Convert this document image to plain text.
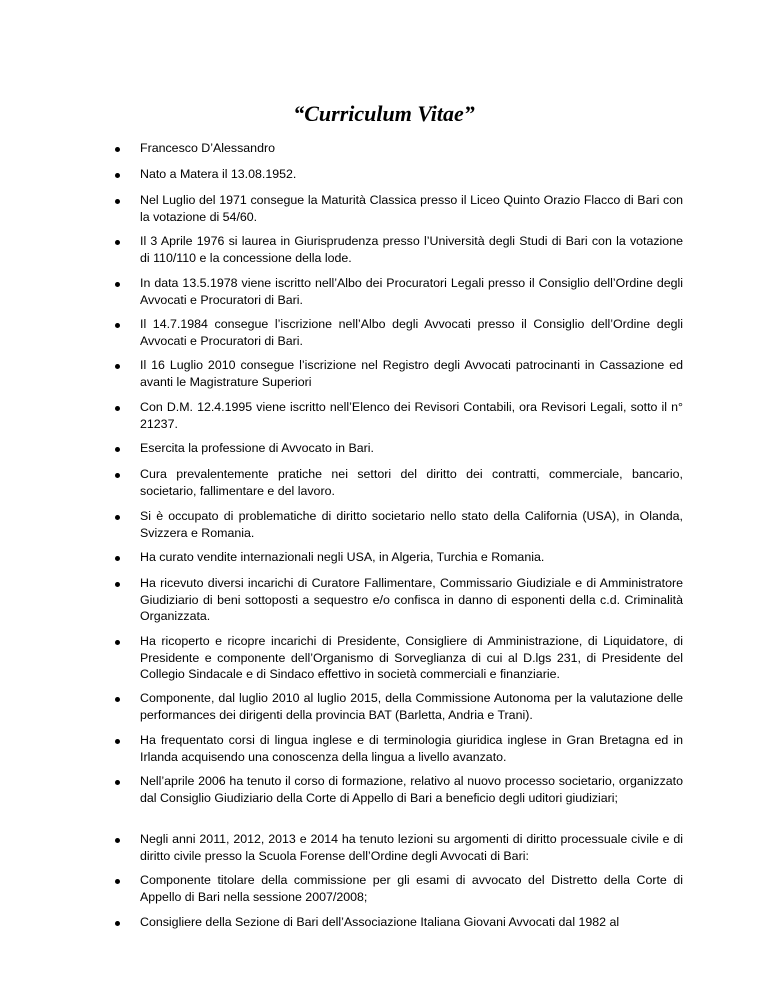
“Curriculum Vitae”
Francesco D’Alessandro
Nato a Matera il 13.08.1952.
Nel Luglio del 1971 consegue la Maturità Classica presso il Liceo Quinto Orazio Flacco di Bari con la votazione di 54/60.
Il 3 Aprile 1976 si laurea in Giurisprudenza presso l’Università degli Studi di Bari con la votazione di 110/110 e la concessione della lode.
In data 13.5.1978 viene iscritto nell’Albo dei Procuratori Legali presso il Consiglio dell’Ordine degli Avvocati e Procuratori di Bari.
Il 14.7.1984 consegue l’iscrizione nell’Albo degli Avvocati presso il Consiglio dell’Ordine degli Avvocati e Procuratori di Bari.
Il 16 Luglio 2010 consegue l’iscrizione nel Registro degli Avvocati patrocinanti in Cassazione ed avanti le Magistrature Superiori
Con D.M. 12.4.1995 viene iscritto nell’Elenco dei Revisori Contabili, ora Revisori Legali, sotto il n° 21237.
Esercita la professione di Avvocato in Bari.
Cura prevalentemente pratiche nei settori del diritto dei contratti, commerciale, bancario, societario, fallimentare e del lavoro.
Si è occupato di problematiche di diritto societario nello stato della California (USA), in Olanda, Svizzera e Romania.
Ha curato vendite internazionali negli USA, in Algeria, Turchia e Romania.
Ha ricevuto diversi incarichi di Curatore Fallimentare, Commissario Giudiziale e di Amministratore Giudiziario di beni sottoposti a sequestro e/o confisca in danno di esponenti della c.d. Criminalità Organizzata.
Ha ricoperto e ricopre incarichi di Presidente, Consigliere di Amministrazione, di Liquidatore, di Presidente e componente dell’Organismo di Sorveglianza di cui al D.lgs 231, di Presidente del Collegio Sindacale e di Sindaco effettivo in società commerciali e finanziarie.
Componente, dal luglio 2010 al luglio 2015, della Commissione Autonoma per la valutazione delle performances dei dirigenti della provincia BAT (Barletta, Andria e Trani).
Ha frequentato corsi di lingua inglese e di terminologia giuridica inglese in Gran Bretagna ed in Irlanda acquisendo una conoscenza della lingua a livello avanzato.
Nell’aprile 2006 ha tenuto il corso di formazione, relativo al nuovo processo societario, organizzato dal Consiglio Giudiziario della Corte di Appello di Bari a beneficio degli uditori giudiziari;
Negli anni 2011, 2012, 2013 e 2014 ha tenuto lezioni su argomenti di diritto processuale civile e di diritto civile presso la Scuola Forense dell’Ordine degli Avvocati di Bari:
Componente titolare della commissione per gli esami di avvocato del Distretto della Corte di Appello di Bari nella sessione 2007/2008;
Consigliere della Sezione di Bari dell’Associazione Italiana Giovani Avvocati dal 1982 al
